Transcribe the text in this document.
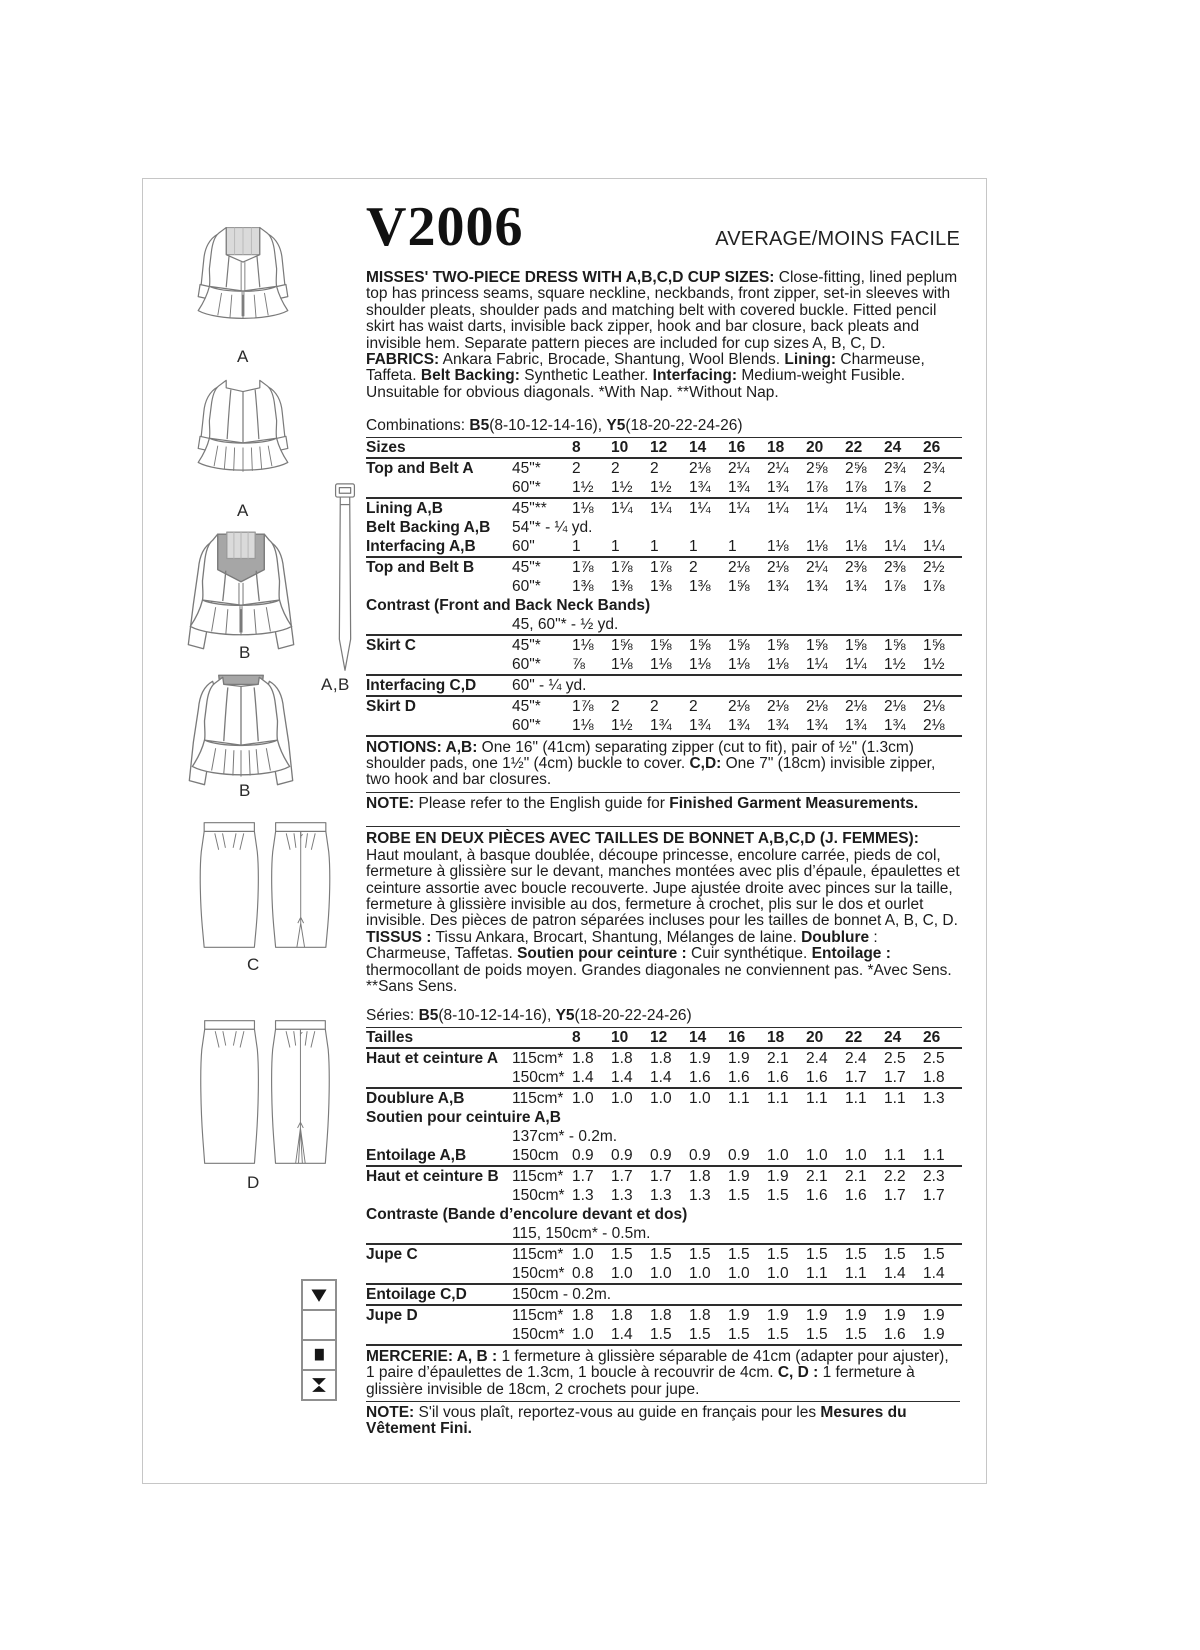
A
A
B
B
A,B
C
D
V2006	AVERAGE/MOINS FACILE

MISSES' TWO-PIECE DRESS WITH A,B,C,D CUP SIZES: Close-fitting, lined peplum top has princess seams, square neckline, neckbands, front zipper, set-in sleeves with shoulder pleats, shoulder pads and matching belt with covered buckle. Fitted pencil skirt has waist darts, invisible back zipper, hook and bar closure, back pleats and invisible hem. Separate pattern pieces are included for cup sizes A, B, C, D. FABRICS: Ankara Fabric, Brocade, Shantung, Wool Blends. Lining: Charmeuse, Taffeta. Belt Backing: Synthetic Leather. Interfacing: Medium-weight Fusible. Unsuitable for obvious diagonals. *With Nap. **Without Nap.

Combinations: B5(8-10-12-14-16), Y5(18-20-22-24-26)

Sizes		8	10	12	14	16	18	20	22	24	26
Top and Belt A	45"*	2	2	2	2⅛	2¼	2¼	2⅝	2⅝	2¾	2¾
	60"*	1½	1½	1½	1¾	1¾	1¾	1⅞	1⅞	1⅞	2
Lining A,B	45"**	1⅛	1¼	1¼	1¼	1¼	1¼	1¼	1¼	1⅜	1⅜
Belt Backing A,B	54"* - ¼ yd.										
Interfacing A,B	60"	1	1	1	1	1	1⅛	1⅛	1⅛	1¼	1¼
Top and Belt B	45"*	1⅞	1⅞	1⅞	2	2⅛	2⅛	2¼	2⅜	2⅜	2½
	60"*	1⅜	1⅜	1⅜	1⅜	1⅝	1¾	1¾	1¾	1⅞	1⅞
Contrast (Front and Back Neck Bands)											
	45, 60"* - ½ yd.										
Skirt C	45"*	1⅛	1⅝	1⅝	1⅝	1⅝	1⅝	1⅝	1⅝	1⅝	1⅝
	60"*	⅞	1⅛	1⅛	1⅛	1⅛	1⅛	1¼	1¼	1½	1½
Interfacing C,D	60" - ¼ yd.										
Skirt D	45"*	1⅞	2	2	2	2⅛	2⅛	2⅛	2⅛	2⅛	2⅛
	60"*	1⅛	1½	1¾	1¾	1¾	1¾	1¾	1¾	1¾	2⅛

NOTIONS: A,B: One 16" (41cm) separating zipper (cut to fit), pair of ½" (1.3cm) shoulder pads, one 1½" (4cm) buckle to cover. C,D: One 7" (18cm) invisible zipper, two hook and bar closures.

NOTE: Please refer to the English guide for Finished Garment Measurements.

ROBE EN DEUX PIÈCES AVEC TAILLES DE BONNET A,B,C,D (J. FEMMES):

Haut moulant, à basque doublée, découpe princesse, encolure carrée, pieds de col, fermeture à glissière sur le devant, manches montées avec plis d’épaule, épaulettes et ceinture assortie avec boucle recouverte. Jupe ajustée droite avec pinces sur la taille, fermeture à glissière invisible au dos, fermeture à crochet, plis sur le dos et ourlet invisible. Des pièces de patron séparées incluses pour les tailles de bonnet A, B, C, D. TISSUS : Tissu Ankara, Brocart, Shantung, Mélanges de laine. Doublure : Charmeuse, Taffetas. Soutien pour ceinture : Cuir synthétique. Entoilage : thermocollant de poids moyen. Grandes diagonales ne conviennent pas. *Avec Sens. **Sans Sens.

Séries: B5(8-10-12-14-16), Y5(18-20-22-24-26)

Tailles		8	10	12	14	16	18	20	22	24	26
Haut et ceinture A	115cm*	1.8	1.8	1.8	1.9	1.9	2.1	2.4	2.4	2.5	2.5
	150cm*	1.4	1.4	1.4	1.6	1.6	1.6	1.6	1.7	1.7	1.8
Doublure A,B	115cm*	1.0	1.0	1.0	1.0	1.1	1.1	1.1	1.1	1.1	1.3
Soutien pour ceintuire A,B											
	137cm* - 0.2m.										
Entoilage A,B	150cm	0.9	0.9	0.9	0.9	0.9	1.0	1.0	1.0	1.1	1.1
Haut et ceinture B	115cm*	1.7	1.7	1.7	1.8	1.9	1.9	2.1	2.1	2.2	2.3
	150cm*	1.3	1.3	1.3	1.3	1.5	1.5	1.6	1.6	1.7	1.7
Contraste (Bande d’encolure devant et dos)											
	115, 150cm* - 0.5m.										
Jupe C	115cm*	1.0	1.5	1.5	1.5	1.5	1.5	1.5	1.5	1.5	1.5
	150cm*	0.8	1.0	1.0	1.0	1.0	1.0	1.1	1.1	1.4	1.4
Entoilage C,D	150cm - 0.2m.										
Jupe D	115cm*	1.8	1.8	1.8	1.8	1.9	1.9	1.9	1.9	1.9	1.9
	150cm*	1.0	1.4	1.5	1.5	1.5	1.5	1.5	1.5	1.6	1.9

MERCERIE: A, B : 1 fermeture à glissière séparable de 41cm (adapter pour ajuster), 1 paire d’épaulettes de 1.3cm, 1 boucle à recouvrir de 4cm. C, D : 1 fermeture à glissière invisible de 18cm, 2 crochets pour jupe.

NOTE: S'il vous plaît, reportez-vous au guide en français pour les Mesures du Vêtement Fini.
